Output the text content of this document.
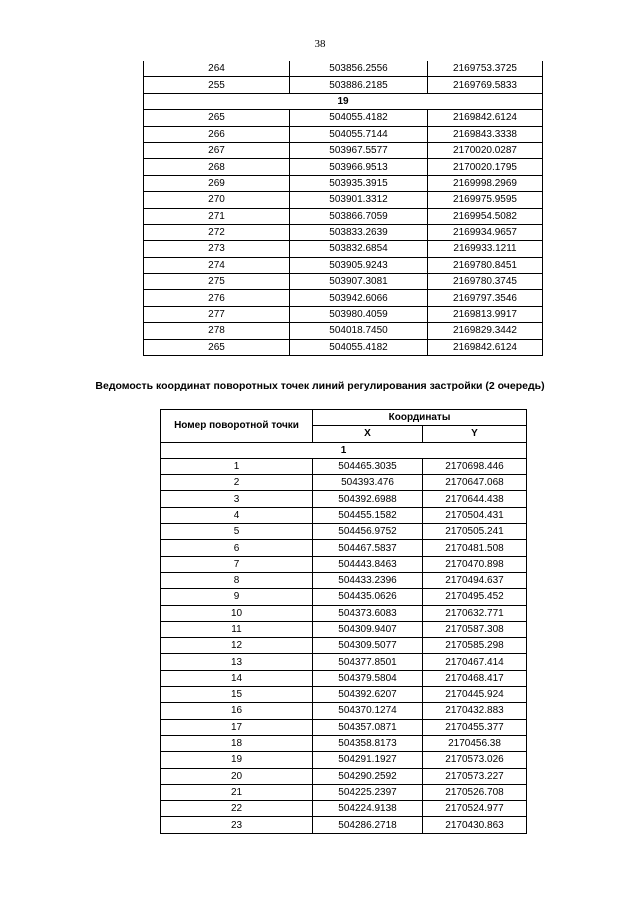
38
264	503856.2556	2169753.3725
255	503886.2185	2169769.5833
19		
265	504055.4182	2169842.6124
266	504055.7144	2169843.3338
267	503967.5577	2170020.0287
268	503966.9513	2170020.1795
269	503935.3915	2169998.2969
270	503901.3312	2169975.9595
271	503866.7059	2169954.5082
272	503833.2639	2169934.9657
273	503832.6854	2169933.1211
274	503905.9243	2169780.8451
275	503907.3081	2169780.3745
276	503942.6066	2169797.3546
277	503980.4059	2169813.9917
278	504018.7450	2169829.3442
265	504055.4182	2169842.6124
Ведомость координат поворотных точек линий регулирования застройки (2 очередь)
Номер поворотной точки	Координаты	
	X	Y
1		
1	504465.3035	2170698.446
2	504393.476	2170647.068
3	504392.6988	2170644.438
4	504455.1582	2170504.431
5	504456.9752	2170505.241
6	504467.5837	2170481.508
7	504443.8463	2170470.898
8	504433.2396	2170494.637
9	504435.0626	2170495.452
10	504373.6083	2170632.771
11	504309.9407	2170587.308
12	504309.5077	2170585.298
13	504377.8501	2170467.414
14	504379.5804	2170468.417
15	504392.6207	2170445.924
16	504370.1274	2170432.883
17	504357.0871	2170455.377
18	504358.8173	2170456.38
19	504291.1927	2170573.026
20	504290.2592	2170573.227
21	504225.2397	2170526.708
22	504224.9138	2170524.977
23	504286.2718	2170430.863
